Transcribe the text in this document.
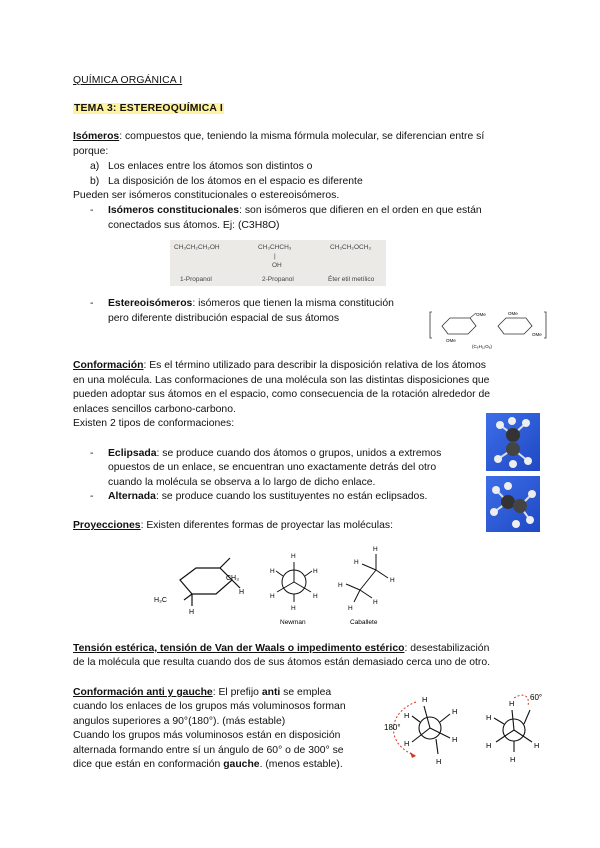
QUÍMICA ORGÁNICA I
TEMA 3: ESTEREOQUÍMICA I
Isómeros: compuestos que, teniendo la misma fórmula molecular, se diferencian entre sí
porque:
a) Los enlaces entre los átomos son distintos o
b) La disposición de los átomos en el espacio es diferente
Pueden ser isómeros constitucionales o estereoisómeros.
- Isómeros constitucionales: son isómeros que difieren en el orden en que están
conectados sus átomos. Ej: (C3H8O)
CH₃CH₂CH₂OH	CH₃CHCH₃
|
OH
CH₃CH₂OCH₃
1-Propanol	2-Propanol	Éter etil metílico
- Estereoisómeros: isómeros que tienen la misma constitución
pero diferente distribución espacial de sus átomos	OMe
OMe
OMe
OMe
(C₆H₁₂O₆)
Conformación: Es el término utilizado para describir la disposición relativa de los átomos
en una molécula. Las conformaciones de una molécula son las distintas disposiciones que
pueden adoptar sus átomos en el espacio, como consecuencia de la rotación alrededor de
enlaces sencillos carbono-carbono.
Existen 2 tipos de conformaciones:
- Eclipsada: se produce cuando dos átomos o grupos, unidos a extremos
opuestos de un enlace, se encuentran uno exactamente detrás del otro
cuando la molécula se observa a lo largo de dicho enlace.
- Alternada: se produce cuando los sustituyentes no están eclipsados.
Proyecciones: Existen diferentes formas de proyectar las moléculas:
CH₃
H
H₃C
H
H
H	H
H	H
H
Newman
H
H
H
H
H
H
Caballete
Tensión estérica, tensión de Van der Waals o impedimento estérico: desestabilización
de la molécula que resulta cuando dos de sus átomos están demasiado cerca uno de otro.
Conformación anti y gauche: El prefijo anti se emplea
cuando los enlaces de los grupos más voluminosos forman
angulos superiores a 90°(180°). (más estable)
Cuando los grupos más voluminosos están en disposición
alternada formando entre sí un ángulo de 60° o de 300° se
dice que están en conformación gauche. (menos estable).
180°
H
H
H
H
H
H
60°
H
H
H	H
H
